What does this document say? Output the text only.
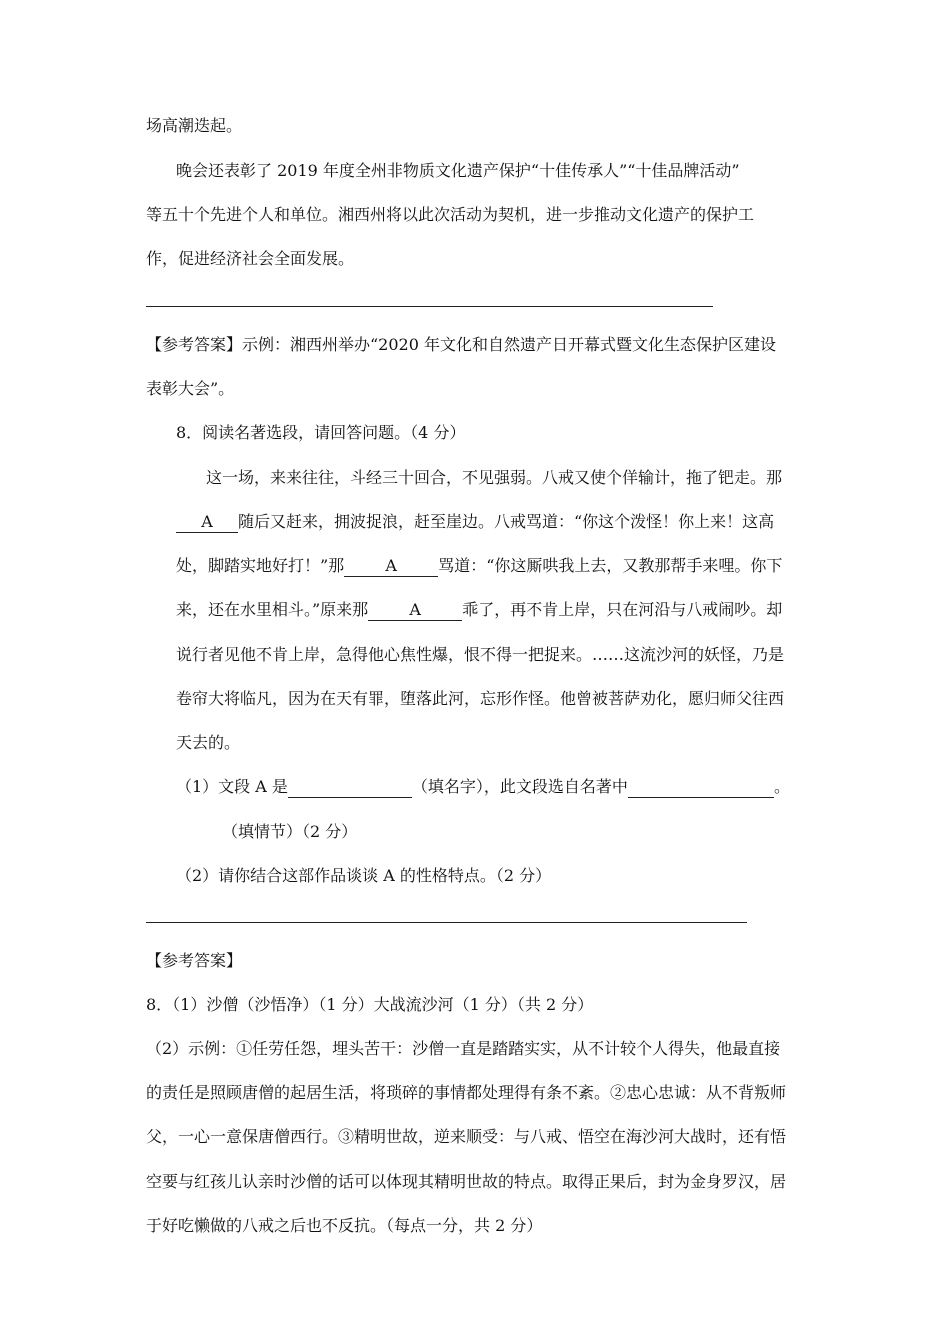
场高潮迭起。
晚会还表彰了 2019 年度全州非物质文化遗产保护“十佳传承人”“十佳品牌活动”
等五十个先进个人和单位。湘西州将以此次活动为契机，进一步推动文化遗产的保护工
作，促进经济社会全面发展。
【参考答案】示例：湘西州举办“2020 年文化和自然遗产日开幕式暨文化生态保护区建设
表彰大会”。
8．阅读名著选段，请回答问题。（4 分）
这一场，来来往往，斗经三十回合，不见强弱。八戒又使个佯输计，拖了钯走。那
A 随后又赶来，拥波捉浪，赶至崖边。八戒骂道：“你这个泼怪！你上来！这高
处，脚踏实地好打！”那	A	骂道：“你这厮哄我上去，又教那帮手来哩。你下
来，还在水里相斗。”原来那	A	乖了，再不肯上岸，只在河沿与八戒闹吵。却
说行者见他不肯上岸，急得他心焦性爆，恨不得一把捉来。……这流沙河的妖怪，乃是
卷帘大将临凡，因为在天有罪，堕落此河，忘形作怪。他曾被菩萨劝化，愿归师父往西
天去的。
（1）文段 A 是	（填名字），此文段选自名著中	。
（填情节）（2 分）
（2）请你结合这部作品谈谈 A 的性格特点。（2 分）
【参考答案】
8．（1）沙僧（沙悟净）（1 分）大战流沙河（1 分）（共 2 分）
（2）示例：①任劳任怨，埋头苦干：沙僧一直是踏踏实实，从不计较个人得失，他最直接
的责任是照顾唐僧的起居生活，将琐碎的事情都处理得有条不紊。②忠心忠诚：从不背叛师
父，一心一意保唐僧西行。③精明世故，逆来顺受：与八戒、悟空在海沙河大战时，还有悟
空要与红孩儿认亲时沙僧的话可以体现其精明世故的特点。取得正果后，封为金身罗汉，居
于好吃懒做的八戒之后也不反抗。（每点一分，共 2 分）
